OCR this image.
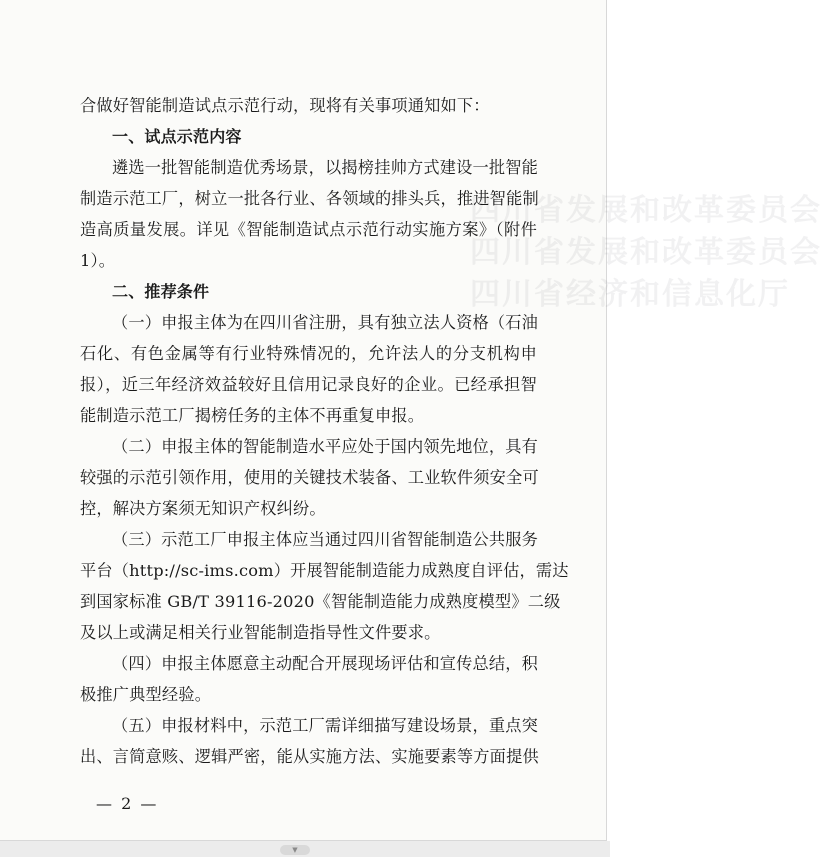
四川省发展和改革委员会
四川省发展和改革委员会
四川省经济和信息化厅
合做好智能制造试点示范行动，现将有关事项通知如下：
一、试点示范内容
遴选一批智能制造优秀场景，以揭榜挂帅方式建设一批智能
制造示范工厂，树立一批各行业、各领域的排头兵，推进智能制
造高质量发展。详见《智能制造试点示范行动实施方案》（附件
1）。
二、推荐条件
（一）申报主体为在四川省注册，具有独立法人资格（石油
石化、有色金属等有行业特殊情况的，允许法人的分支机构申
报），近三年经济效益较好且信用记录良好的企业。已经承担智
能制造示范工厂揭榜任务的主体不再重复申报。
（二）申报主体的智能制造水平应处于国内领先地位，具有
较强的示范引领作用，使用的关键技术装备、工业软件须安全可
控，解决方案须无知识产权纠纷。
（三）示范工厂申报主体应当通过四川省智能制造公共服务
平台（http://sc-ims.com）开展智能制造能力成熟度自评估，需达
到国家标准 GB/T 39116-2020《智能制造能力成熟度模型》二级
及以上或满足相关行业智能制造指导性文件要求。
（四）申报主体愿意主动配合开展现场评估和宣传总结，积
极推广典型经验。
（五）申报材料中，示范工厂需详细描写建设场景，重点突
出、言简意赅、逻辑严密，能从实施方法、实施要素等方面提供
— 2 —
▼
